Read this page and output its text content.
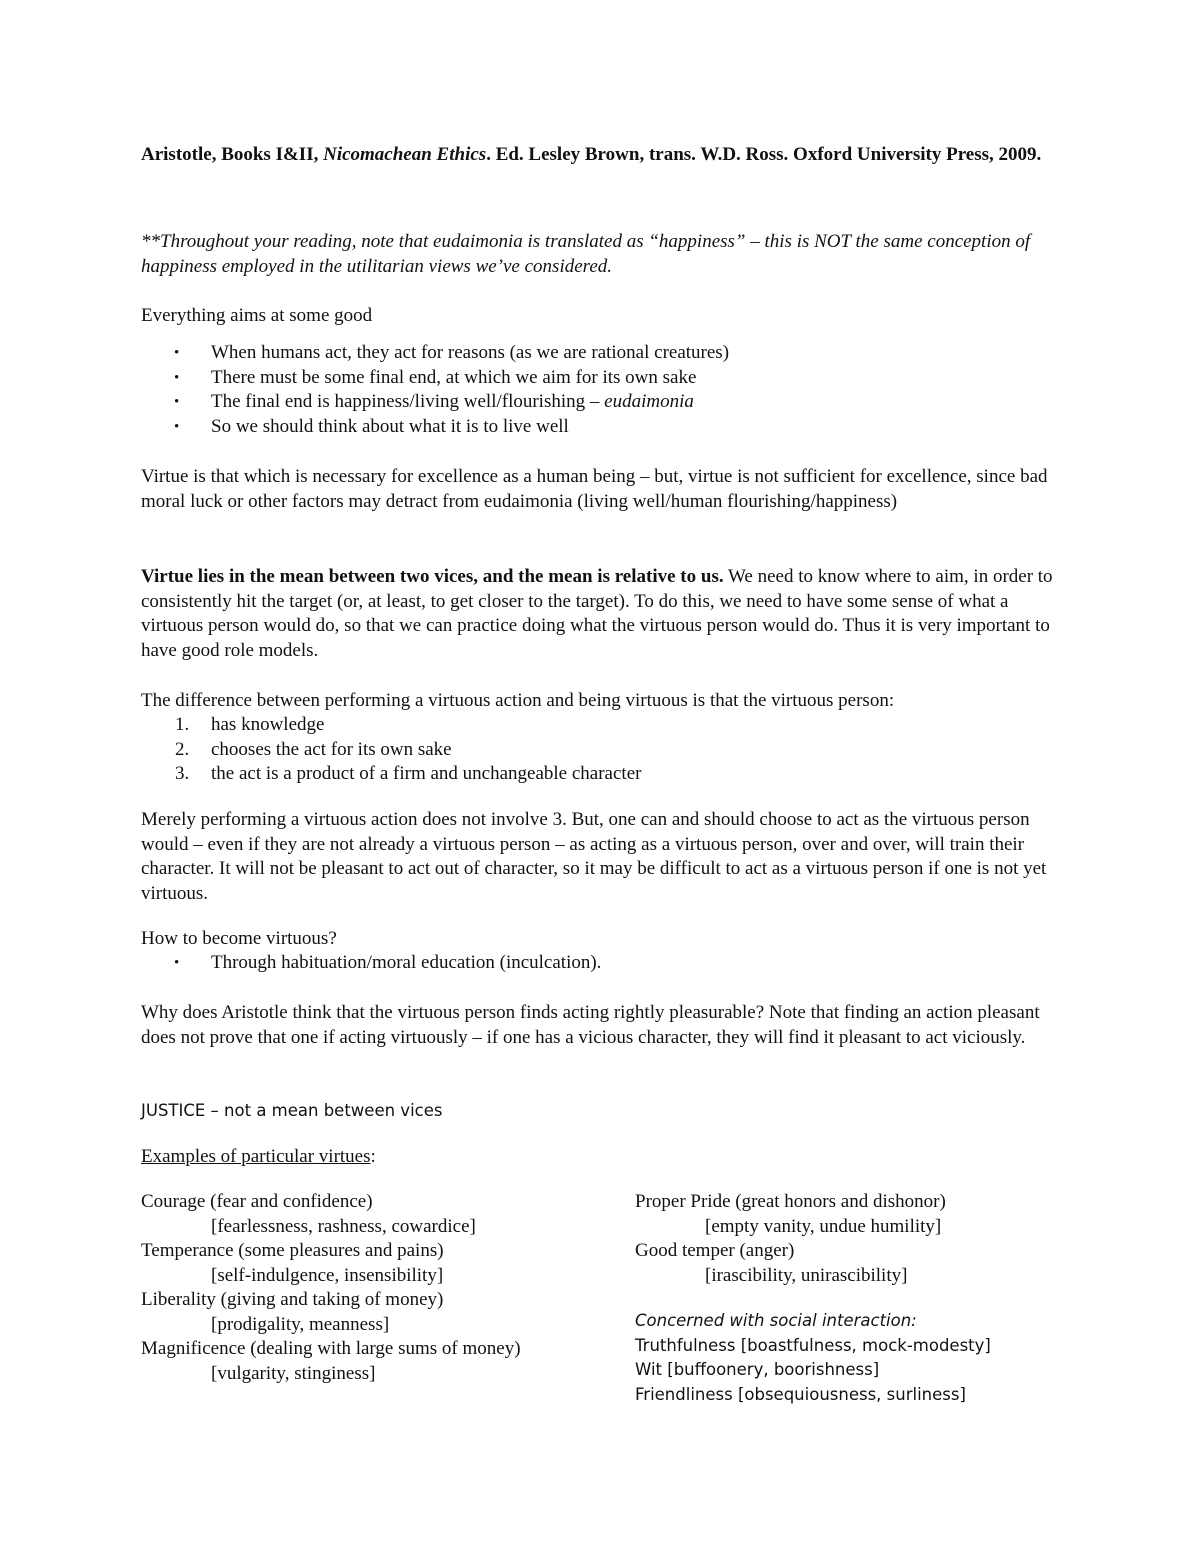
Aristotle, Books I&II, Nicomachean Ethics. Ed. Lesley Brown, trans. W.D. Ross. Oxford University Press, 2009.

**Throughout your reading, note that eudaimonia is translated as “happiness” – this is NOT the same conception of happiness employed in the utilitarian views we’ve considered.

Everything aims at some good

• When humans act, they act for reasons (as we are rational creatures)
• There must be some final end, at which we aim for its own sake
• The final end is happiness/living well/flourishing – eudaimonia
• So we should think about what it is to live well

Virtue is that which is necessary for excellence as a human being – but, virtue is not sufficient for excellence, since bad moral luck or other factors may detract from eudaimonia (living well/human flourishing/happiness)

Virtue lies in the mean between two vices, and the mean is relative to us. We need to know where to aim, in order to consistently hit the target (or, at least, to get closer to the target). To do this, we need to have some sense of what a virtuous person would do, so that we can practice doing what the virtuous person would do. Thus it is very important to have good role models.

The difference between performing a virtuous action and being virtuous is that the virtuous person:

1. has knowledge
2. chooses the act for its own sake
3. the act is a product of a firm and unchangeable character

Merely performing a virtuous action does not involve 3. But, one can and should choose to act as the virtuous person would – even if they are not already a virtuous person – as acting as a virtuous person, over and over, will train their character. It will not be pleasant to act out of character, so it may be difficult to act as a virtuous person if one is not yet virtuous.

How to become virtuous?

• Through habituation/moral education (inculcation).

Why does Aristotle think that the virtuous person finds acting rightly pleasurable? Note that finding an action pleasant does not prove that one if acting virtuously – if one has a vicious character, they will find it pleasant to act viciously.

JUSTICE – not a mean between vices

Examples of particular virtues:

Courage (fear and confidence)
[fearlessness, rashness, cowardice]
Temperance (some pleasures and pains)
[self-indulgence, insensibility]
Liberality (giving and taking of money)
[prodigality, meanness]
Magnificence (dealing with large sums of money)
[vulgarity, stinginess]
Proper Pride (great honors and dishonor)
[empty vanity, undue humility]
Good temper (anger)
[irascibility, unirascibility]
Concerned with social interaction:
Truthfulness [boastfulness, mock-modesty]
Wit [buffoonery, boorishness]
Friendliness [obsequiousness, surliness]
